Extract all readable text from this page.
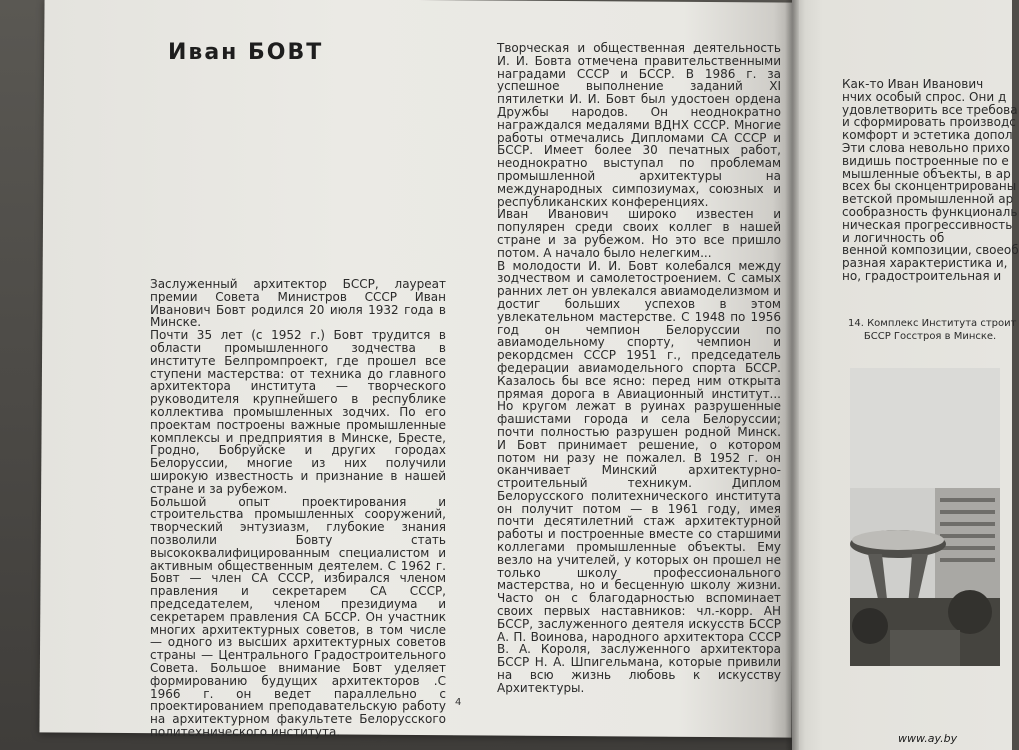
Иван БОВТ
Заслуженный архитектор БССР, лауреат премии Совета Министров СССР Иван Иванович Бовт родился 20 июля 1932 года в Минске.
Почти 35 лет (с 1952 г.) Бовт трудится в области промышленного зодчества в институте Белпромпроект, где прошел все ступени мастерства: от техника до главного архитектора института — творческого руководителя крупнейшего в республике коллектива промышленных зодчих. По его проектам построены важные промышленные комплексы и предприятия в Минске, Бресте, Гродно, Бобруйске и других городах Белоруссии, многие из них получили широкую известность и признание в нашей стране и за рубежом.
Большой опыт проектирования и строительства промышленных сооружений, творческий энтузиазм, глубокие знания позволили Бовту стать высококвалифицированным специалистом и активным общественным деятелем. С 1962 г. Бовт — член СА СССР, избирался членом правления и секретарем СА СССР, председателем, членом президиума и секретарем правления СА БССР. Он участник многих архитектурных советов, в том числе — одного из высших архитектурных советов страны — Центрального Градостроительного Совета. Большое внимание Бовт уделяет формированию будущих архитекторов .С 1966 г. он ведет параллельно с проектированием преподавательскую работу на архитектурном факультете Белорусского политехнического института.
Творческая и общественная деятельность И. И. Бовта отмечена правительственными наградами СССР и БССР. В 1986 г. за успешное выполнение заданий XI пятилетки И. И. Бовт был удостоен ордена Дружбы народов. Он неоднократно награждался медалями ВДНХ СССР. Многие работы отмечались Дипломами СА СССР и БССР. Имеет более 30 печатных работ, неоднократно выступал по проблемам промышленной архитектуры на международных симпозиумах, союзных и республиканских конференциях.
Иван Иванович широко известен и популярен среди своих коллег в нашей стране и за рубежом. Но это все пришло потом. А начало было нелегким...
В молодости И. И. Бовт колебался между зодчеством и самолетостроением. С самых ранних лет он увлекался авиамоделизмом и достиг больших успехов в этом увлекательном мастерстве. С 1948 по 1956 год он чемпион Белоруссии по авиамодельному спорту, чемпион и рекордсмен СССР 1951 г., председатель федерации авиамодельного спорта БССР. Казалось бы все ясно: перед ним открыта прямая дорога в Авиационный институт... Но кругом лежат в руинах разрушенные фашистами города и села Белоруссии; почти полностью разрушен родной Минск. И Бовт принимает решение, о котором потом ни разу не пожалел. В 1952 г. он оканчивает Минский архитектурно-строительный техникум. Диплом Белорусского политехнического института он получит потом — в 1961 году, имея почти десятилетний стаж архитектурной работы и построенные вместе со старшими коллегами промышленные объекты. Ему везло на учителей, у которых он прошел не только школу профессионального мастерства, но и бесценную школу жизни. Часто он с благодарностью вспоминает своих первых наставников: чл.-корр. АН БССР, заслуженного деятеля искусств БССР А. П. Воинова, народного архитектора СССР В. А. Короля, заслуженного архитектора БССР Н. А. Шпигельмана, которые привили на всю жизнь любовь к искусству Архитектуры.
4
Как-то Иван Иванович
нчих особый спрос. Они
удовлетворить все требова
и сформировать производс
комфорт и эстетика допол
Эти слова невольно прихо
видишь построенные по
мышленные объекты, в
всех бы сконцентрированы
ветской промышленной
сообразность функциональ
ническая прогрессивность
и логичность об
венной композиции, своеоб
разная характеристика и,
но, градостроительная и
14. Комплекс Института строит
БССР Госстроя в Минске.
www.ay.by
